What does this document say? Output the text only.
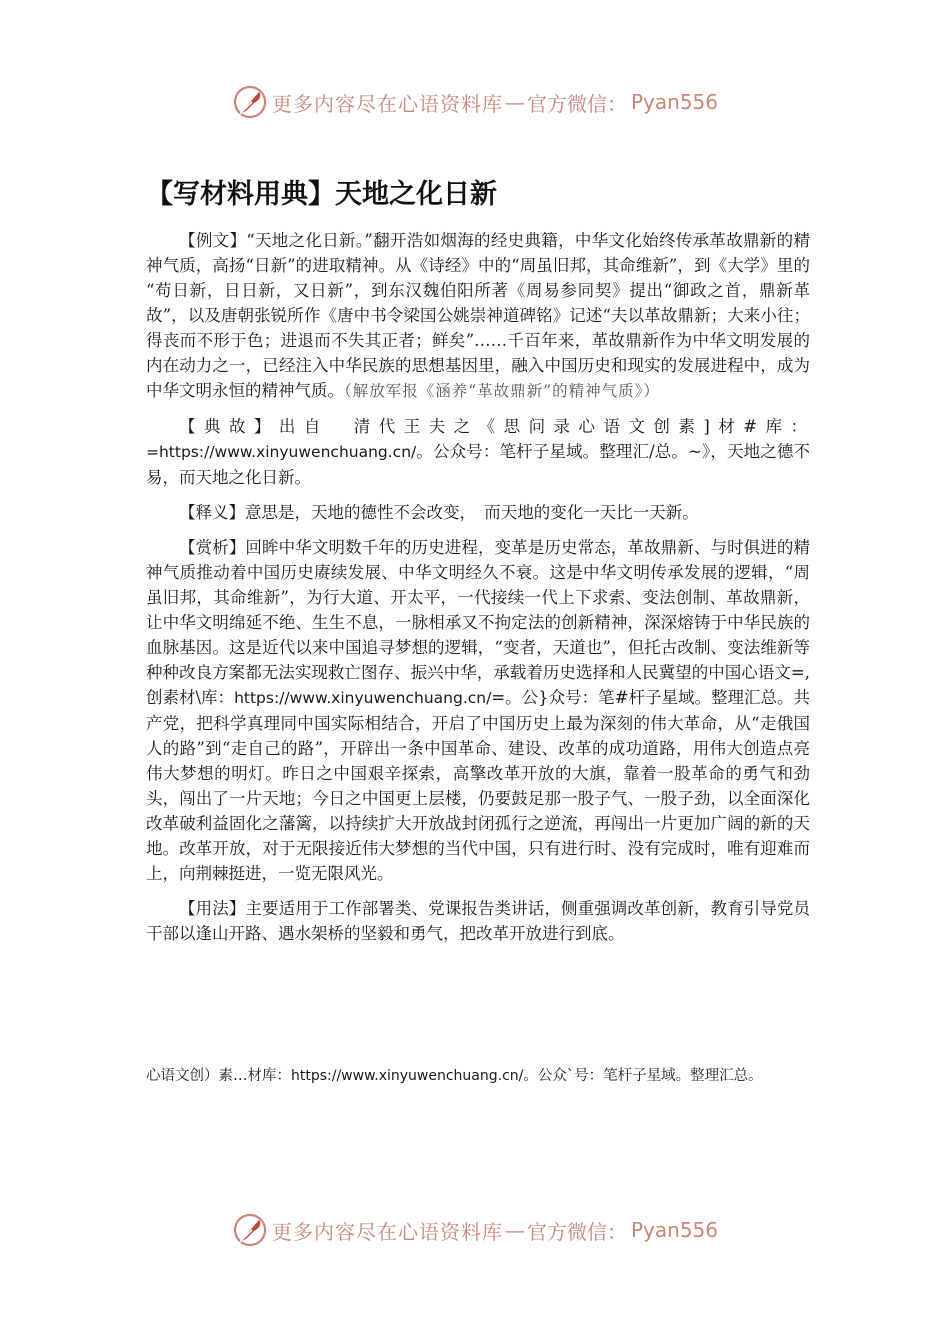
更多内容尽在心语资料库 — 官方微信： Pyan556
【写材料用典】天地之化日新

【例文】“天地之化日新。”翻开浩如烟海的经史典籍，中华文化始终传承革故鼎新的精神气质，高扬“日新”的进取精神。从《诗经》中的“周虽旧邦，其命维新”，到《大学》里的 “苟日新，日日新，又日新”，到东汉魏伯阳所著《周易参同契》提出“御政之首，鼎新革故”，以及唐朝张锐所作《唐中书令梁国公姚崇神道碑铭》记述“夫以革故鼎新；大来小往；得丧而不形于色；进退而不失其正者；鲜矣”……千百年来，革故鼎新作为中华文明发展的内在动力之一，已经注入中华民族的思想基因里，融入中国历史和现实的发展进程中，成为中华文明永恒的精神气质。（解放军报《涵养“革故鼎新”的精神气质》）

【典故】出自　清代王夫之《思问录心语文创素]材#库：=https://www.xinyuwenchuang.cn/。公众号：笔杆子星域。整理汇/总。~》，天地之德不易，而天地之化日新。

【释义】意思是，天地的德性不会改变，　而天地的变化一天比一天新。

【赏析】回眸中华文明数千年的历史进程，变革是历史常态，革故鼎新、与时俱进的精神气质推动着中国历史赓续发展、中华文明经久不衰。这是中华文明传承发展的逻辑，“周虽旧邦，其命维新”，为行大道、开太平，一代接续一代上下求索、变法创制、革故鼎新，让中华文明绵延不绝、生生不息，一脉相承又不拘定法的创新精神，深深熔铸于中华民族的血脉基因。这是近代以来中国追寻梦想的逻辑，“变者，天道也”，但托古改制、变法维新等种种改良方案都无法实现救亡图存、振兴中华，承载着历史选择和人民冀望的中国心语文=,创素材\库：https://www.xinyuwenchuang.cn/=。公}众号：笔#杆子星域。整理汇总。共产党，把科学真理同中国实际相结合，开启了中国历史上最为深刻的伟大革命，从“走俄国人的路”到“走自己的路”，开辟出一条中国革命、建设、改革的成功道路，用伟大创造点亮伟大梦想的明灯。昨日之中国艰辛探索，高擎改革开放的大旗，靠着一股革命的勇气和劲头，闯出了一片天地；今日之中国更上层楼，仍要鼓足那一股子气、一股子劲，以全面深化改革破利益固化之藩篱，以持续扩大开放战封闭孤行之逆流，再闯出一片更加广阔的新的天地。改革开放，对于无限接近伟大梦想的当代中国，只有进行时、没有完成时，唯有迎难而上，向荆棘挺进，一览无限风光。

【用法】主要适用于工作部署类、党课报告类讲话，侧重强调改革创新，教育引导党员干部以逢山开路、遇水架桥的坚毅和勇气，把改革开放进行到底。

心语文创）素…材库：https://www.xinyuwenchuang.cn/。公众`号：笔杆子星域。整理汇总。
更多内容尽在心语资料库 — 官方微信： Pyan556
